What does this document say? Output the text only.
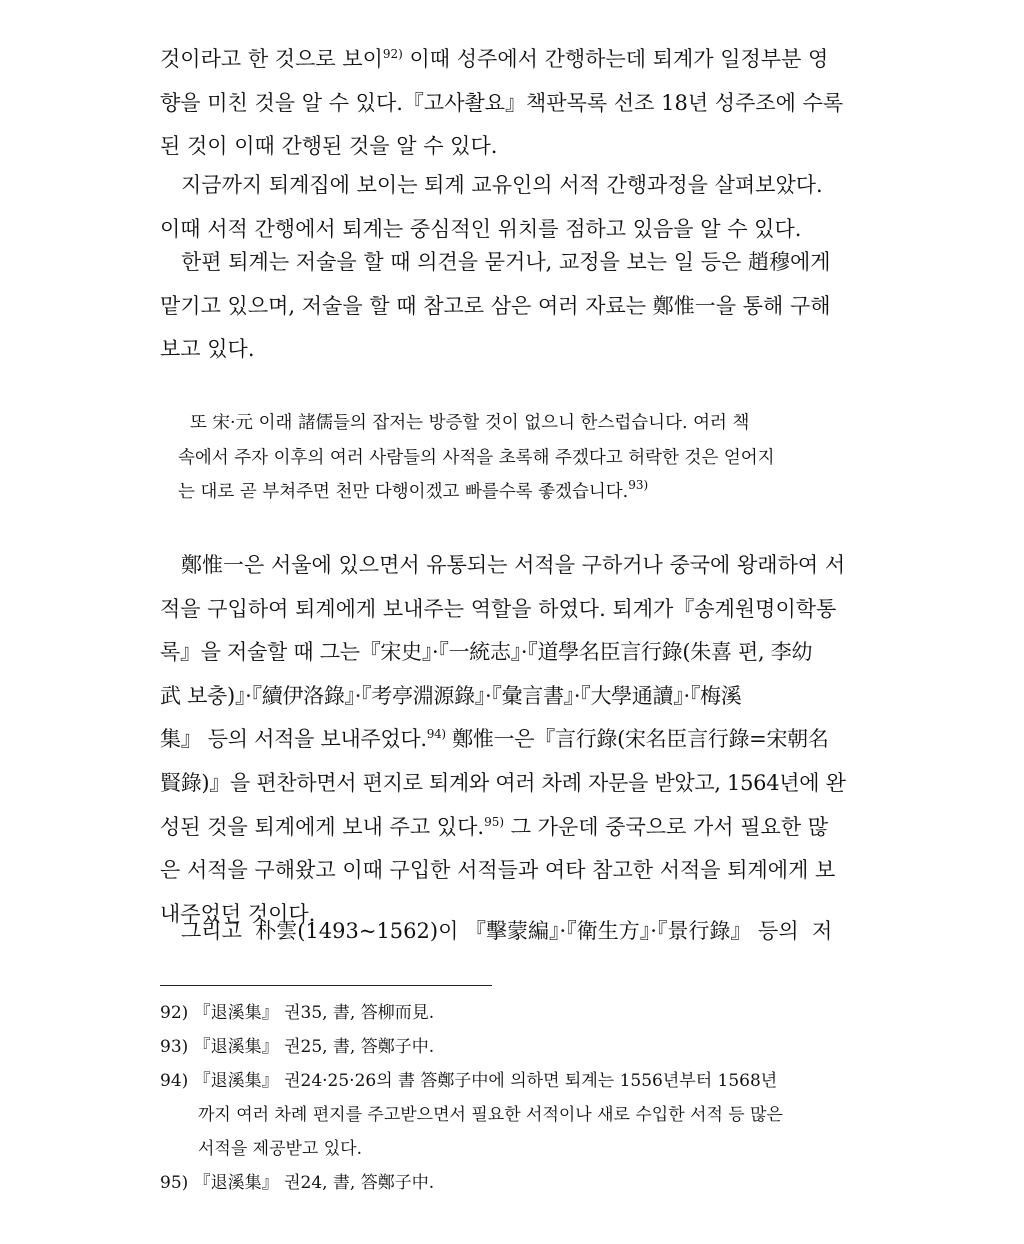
것이라고 한 것으로 보이$^{92)}$ 이때 성주에서 간행하는데 퇴계가 일정부분 영
향을 미친 것을 알 수 있다.『고사촬요』책판목록 선조 18년 성주조에 수록
된 것이 이때 간행된 것을 알 수 있다.

지금까지 퇴계집에 보이는 퇴계 교유인의 서적 간행과정을 살펴보았다.
이때 서적 간행에서 퇴계는 중심적인 위치를 점하고 있음을 알 수 있다.

한편 퇴계는 저술을 할 때 의견을 묻거나, 교정을 보는 일 등은 趙穆에게
맡기고 있으며, 저술을 할 때 참고로 삼은 여러 자료는 鄭惟一을 통해 구해
보고 있다.

또 宋·元 이래 諸儒들의 잡저는 방증할 것이 없으니 한스럽습니다. 여러 책
속에서 주자 이후의 여러 사람들의 사적을 초록해 주겠다고 허락한 것은 얻어지
는 대로 곧 부쳐주면 천만 다행이겠고 빠를수록 좋겠습니다.$^{93)}$

鄭惟一은 서울에 있으면서 유통되는 서적을 구하거나 중국에 왕래하여 서
적을 구입하여 퇴계에게 보내주는 역할을 하였다. 퇴계가『송계원명이학통
록』을 저술할 때 그는『宋史』·『一統志』·『道學名臣言行錄(朱喜 편, 李幼
武 보충)』·『續伊洛錄』·『考亭淵源錄』·『彙言書』·『大學通讀』·『梅溪
集』 등의 서적을 보내주었다.$^{94)}$ 鄭惟一은『言行錄(宋名臣言行錄=宋朝名
賢錄)』을 편찬하면서 편지로 퇴계와 여러 차례 자문을 받았고, 1564년에 완
성된 것을 퇴계에게 보내 주고 있다.$^{95)}$ 그 가운데 중국으로 가서 필요한 많
은 서적을 구해왔고 이때 구입한 서적들과 여타 참고한 서적을 퇴계에게 보
내주었던 것이다.

그리고  朴雲(1493~1562)이 『擊蒙編』·『衛生方』·『景行錄』 등의  저

92) 『退溪集』 권35, 書, 答柳而見.

93) 『退溪集』 권25, 書, 答鄭子中.

94) 『退溪集』 권24·25·26의 書 答鄭子中에 의하면 퇴계는 1556년부터 1568년
까지 여러 차례 편지를 주고받으면서 필요한 서적이나 새로 수입한 서적 등 많은
서적을 제공받고 있다.

95) 『退溪集』 권24, 書, 答鄭子中.
